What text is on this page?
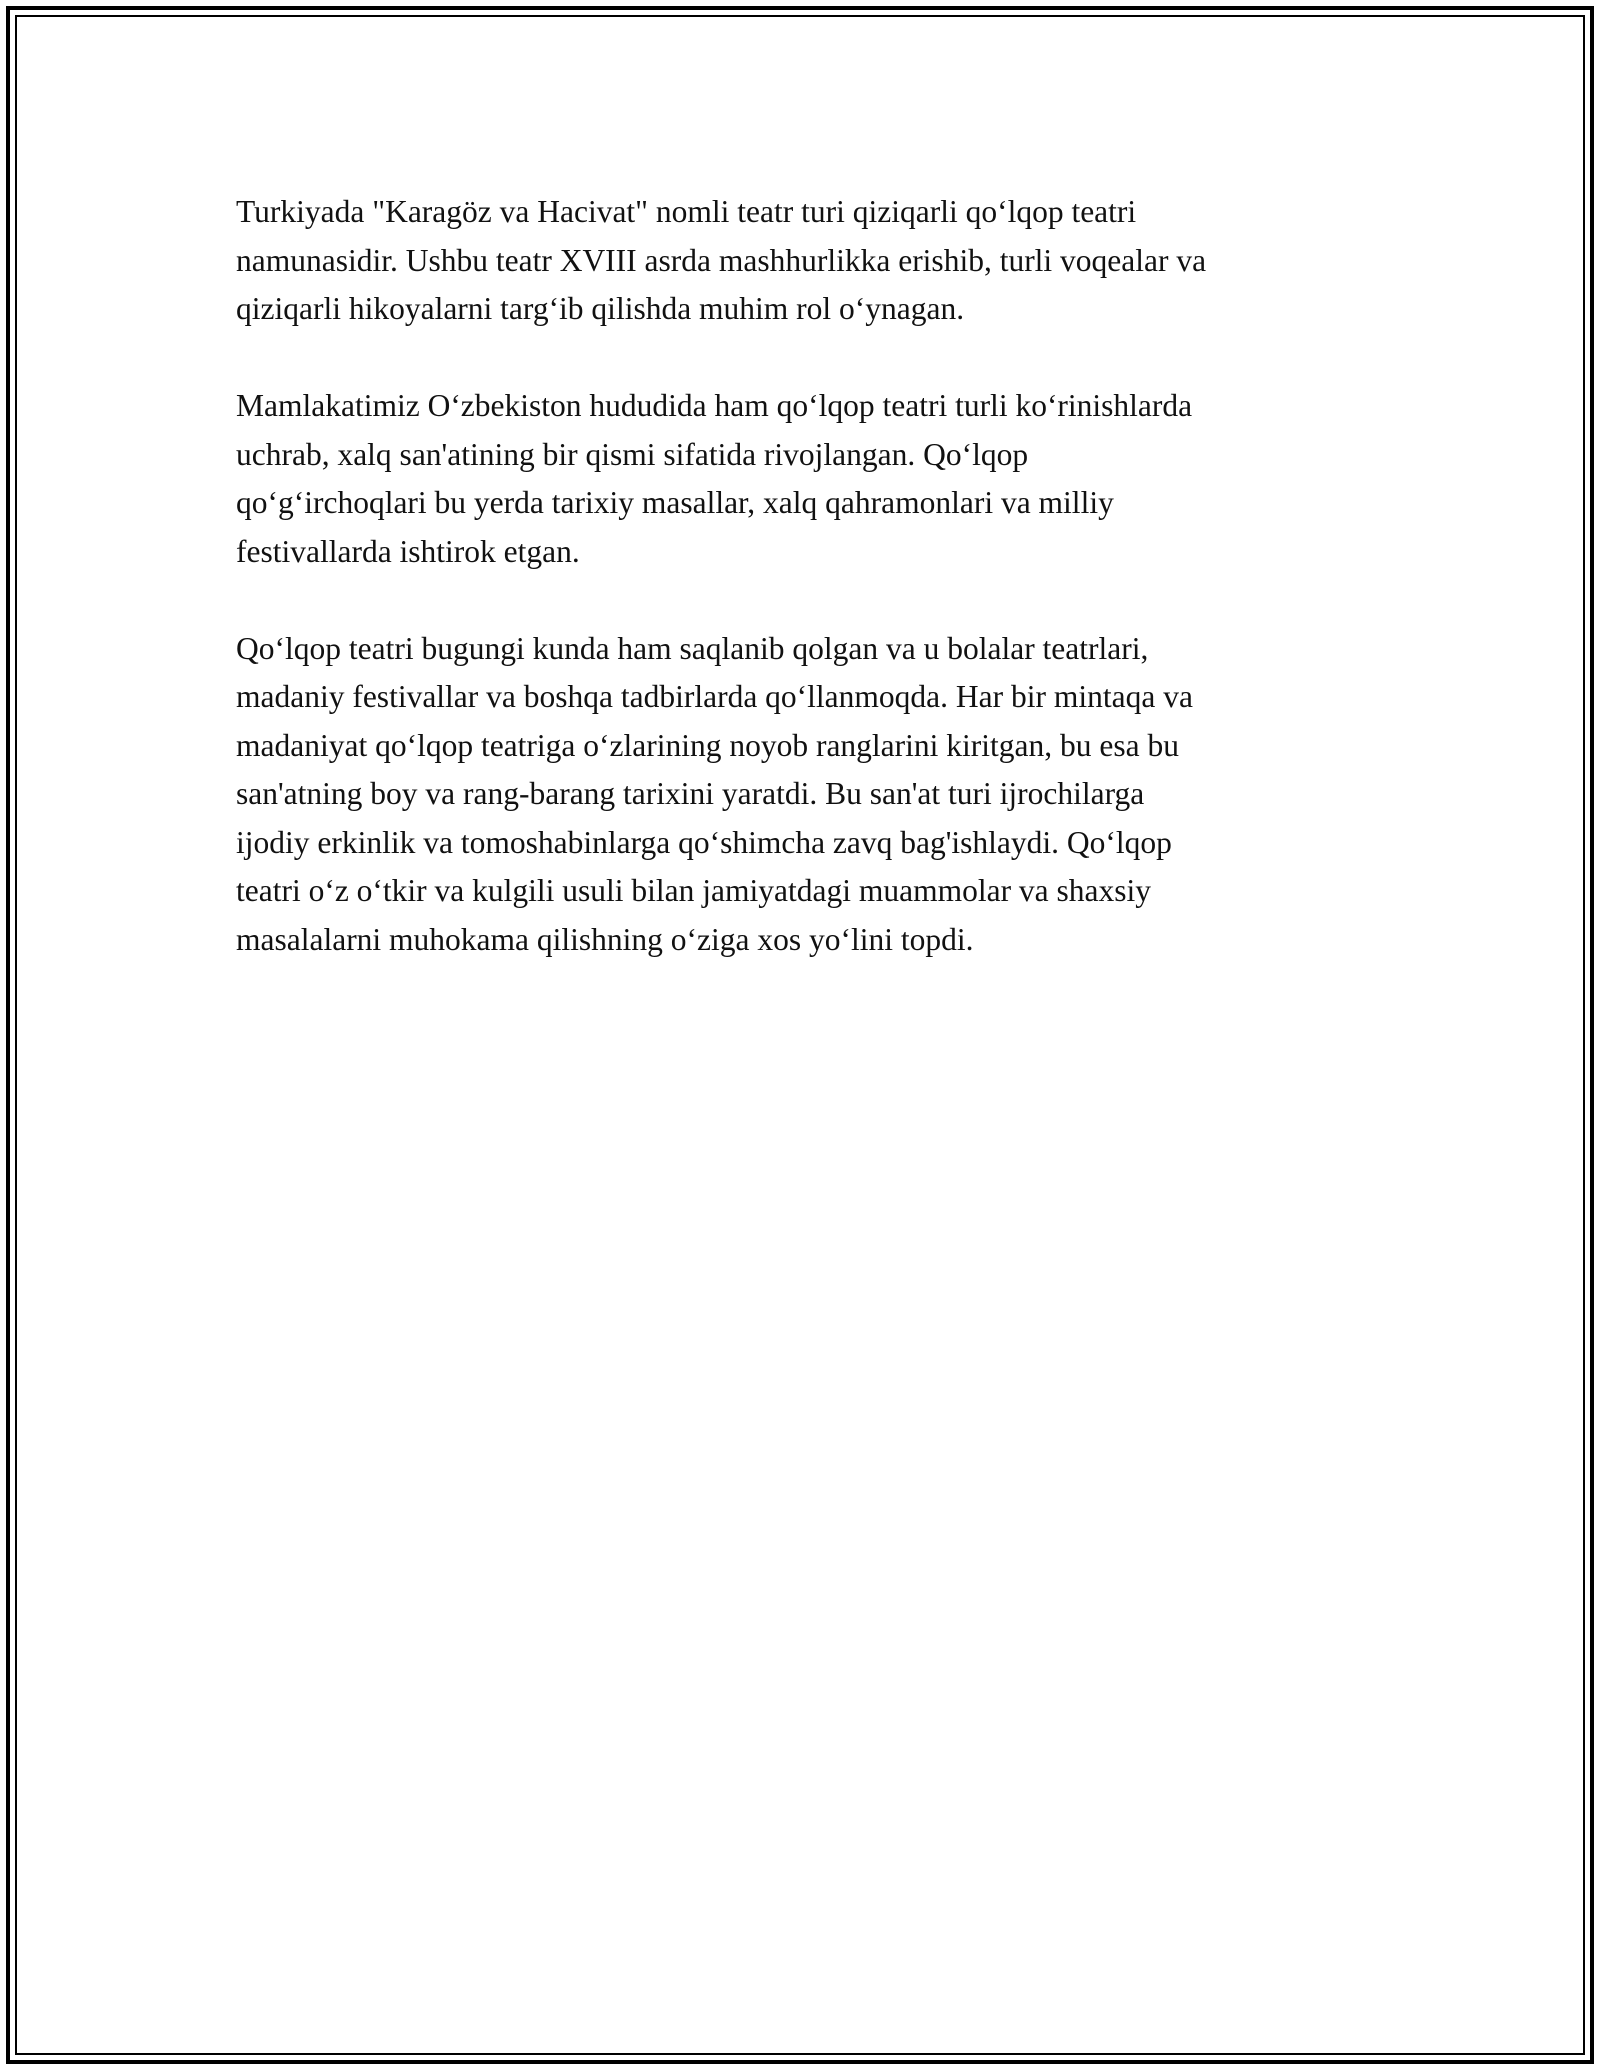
Turkiyada "Karagöz va Hacivat" nomli teatr turi qiziqarli qo‘lqop teatri
namunasidir. Ushbu teatr XVIII asrda mashhurlikka erishib, turli voqealar va
qiziqarli hikoyalarni targ‘ib qilishda muhim rol o‘ynagan.

Mamlakatimiz O‘zbekiston hududida ham qo‘lqop teatri turli ko‘rinishlarda
uchrab, xalq san'atining bir qismi sifatida rivojlangan. Qo‘lqop
qo‘g‘irchoqlari bu yerda tarixiy masallar, xalq qahramonlari va milliy
festivallarda ishtirok etgan.

Qo‘lqop teatri bugungi kunda ham saqlanib qolgan va u bolalar teatrlari,
madaniy festivallar va boshqa tadbirlarda qo‘llanmoqda. Har bir mintaqa va
madaniyat qo‘lqop teatriga o‘zlarining noyob ranglarini kiritgan, bu esa bu
san'atning boy va rang-barang tarixini yaratdi. Bu san'at turi ijrochilarga
ijodiy erkinlik va tomoshabinlarga qo‘shimcha zavq bag'ishlaydi. Qo‘lqop
teatri o‘z o‘tkir va kulgili usuli bilan jamiyatdagi muammolar va shaxsiy
masalalarni muhokama qilishning o‘ziga xos yo‘lini topdi.
